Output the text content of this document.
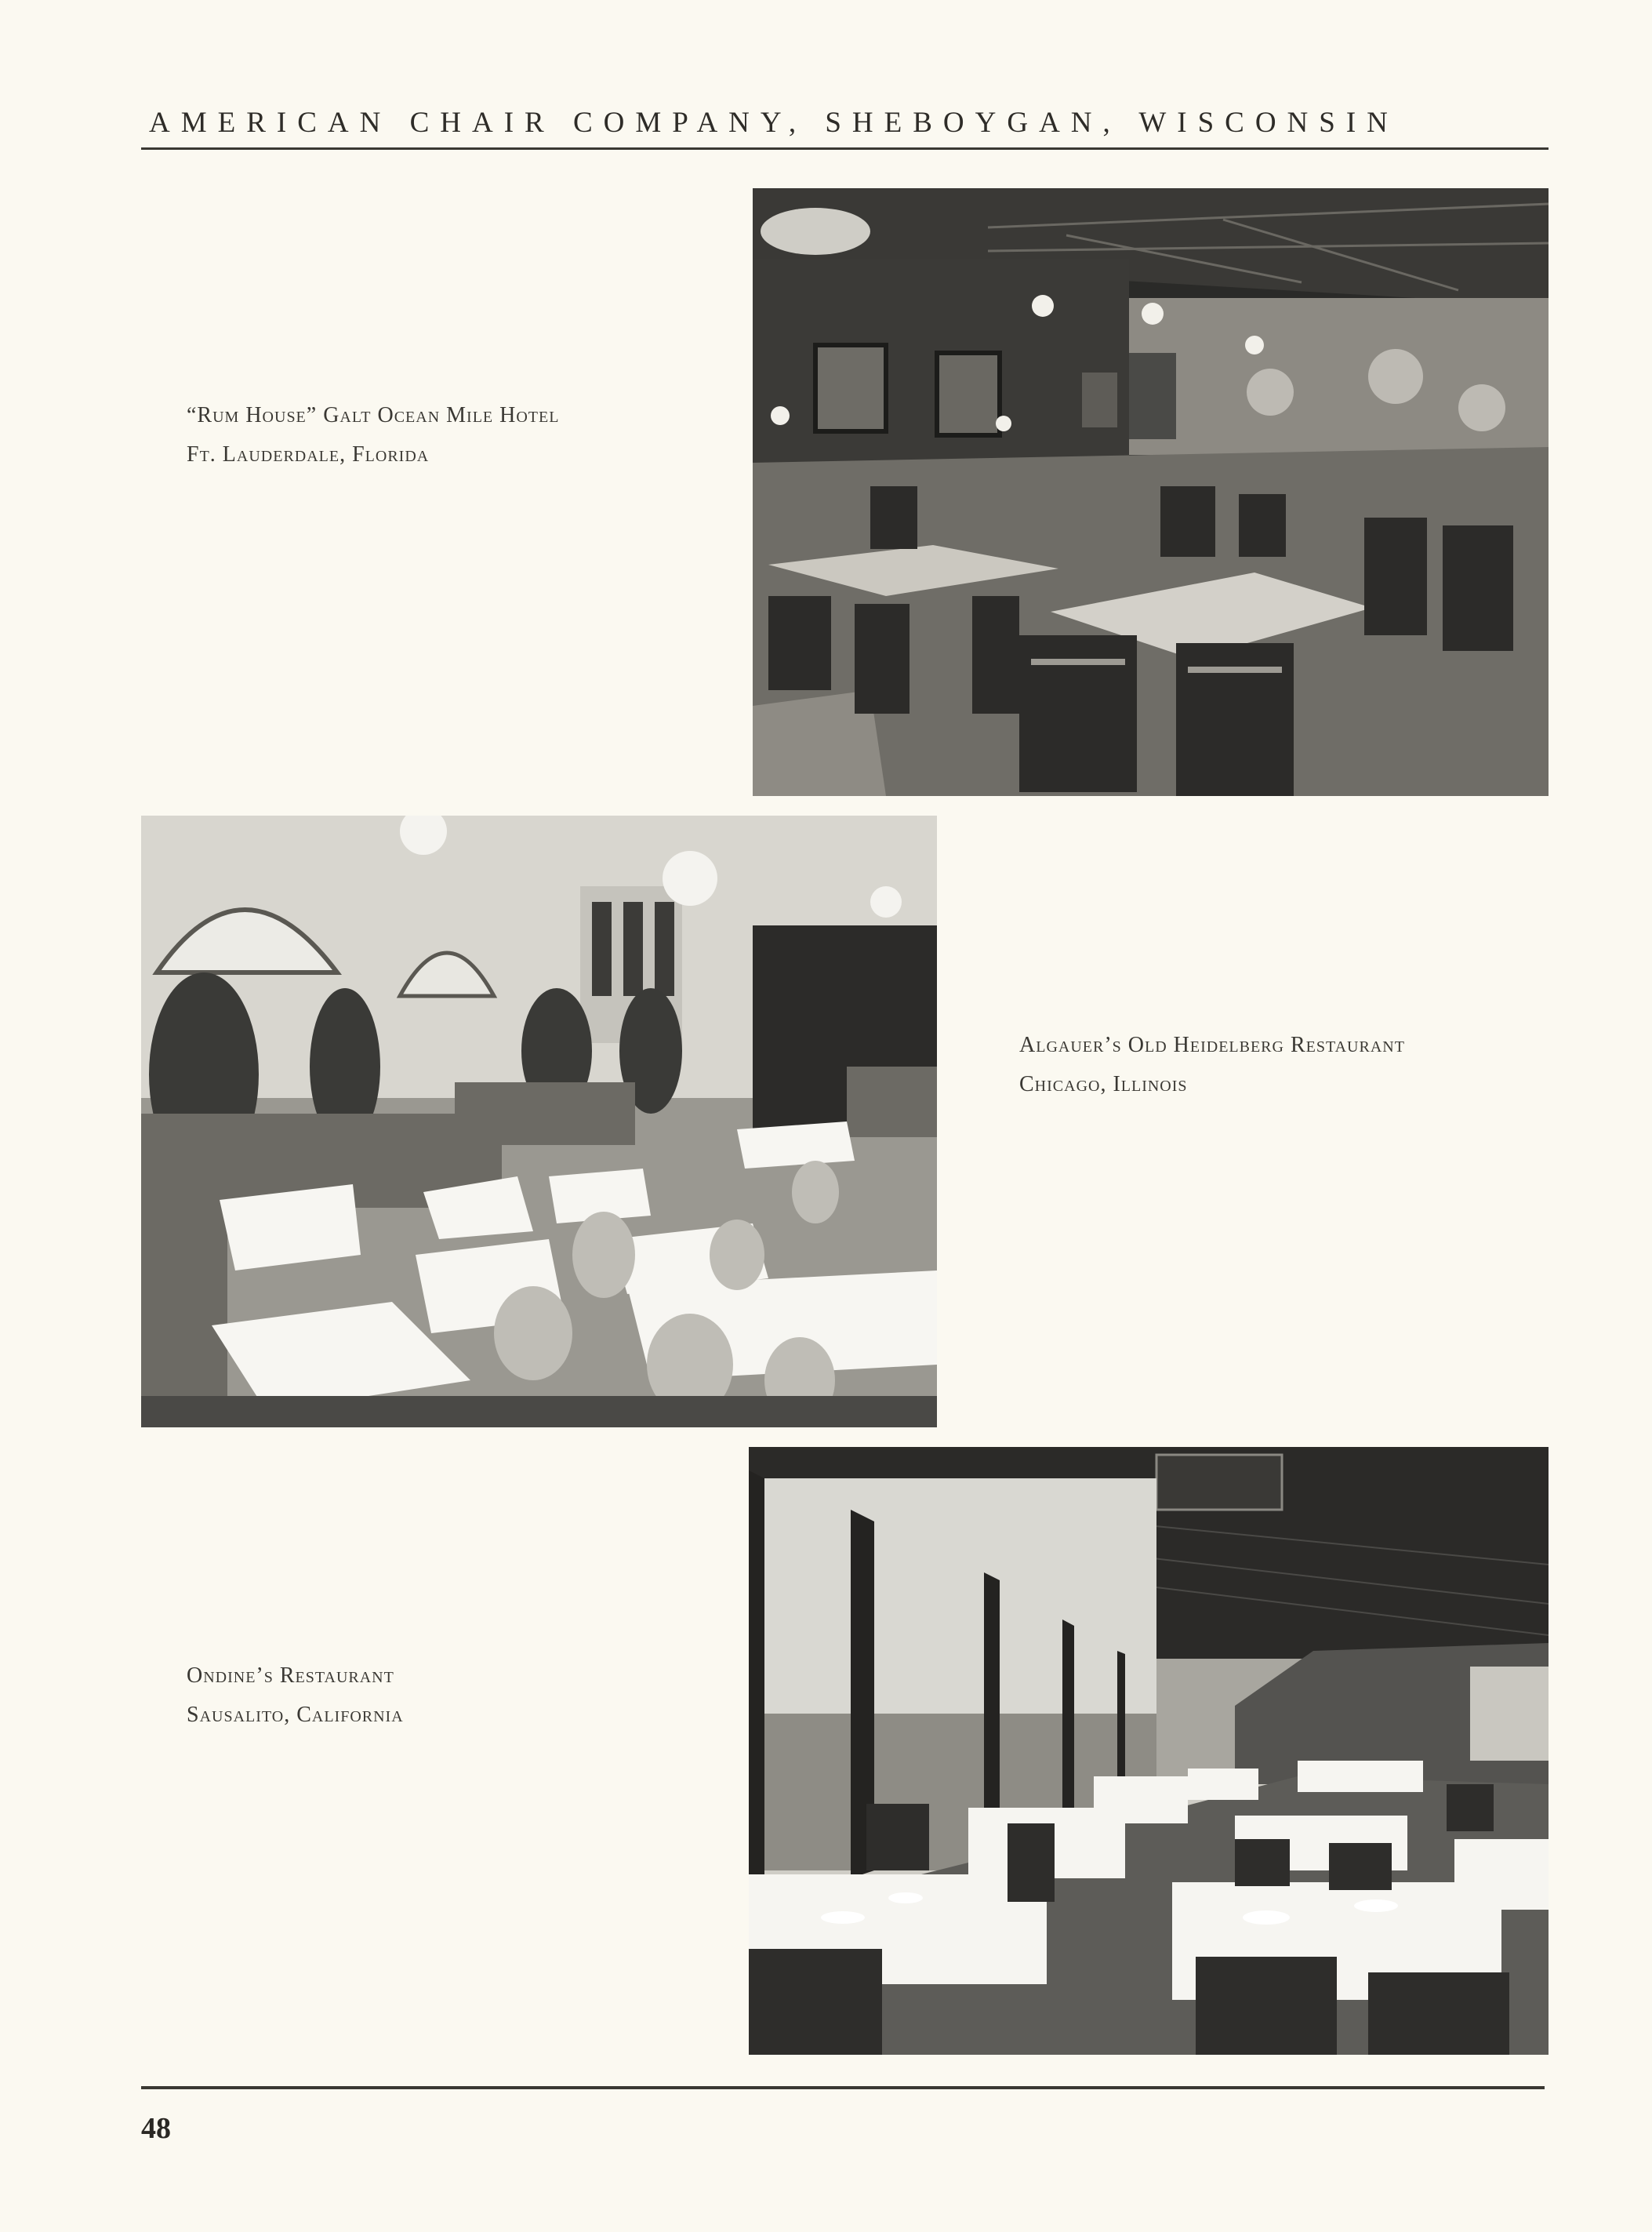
AMERICAN CHAIR COMPANY, SHEBOYGAN, WISCONSIN
“Rum House” Galt Ocean Mile Hotel
Ft. Lauderdale, Florida
Algauer’s Old Heidelberg Restaurant
Chicago, Illinois
Ondine’s Restaurant
Sausalito, California
48
